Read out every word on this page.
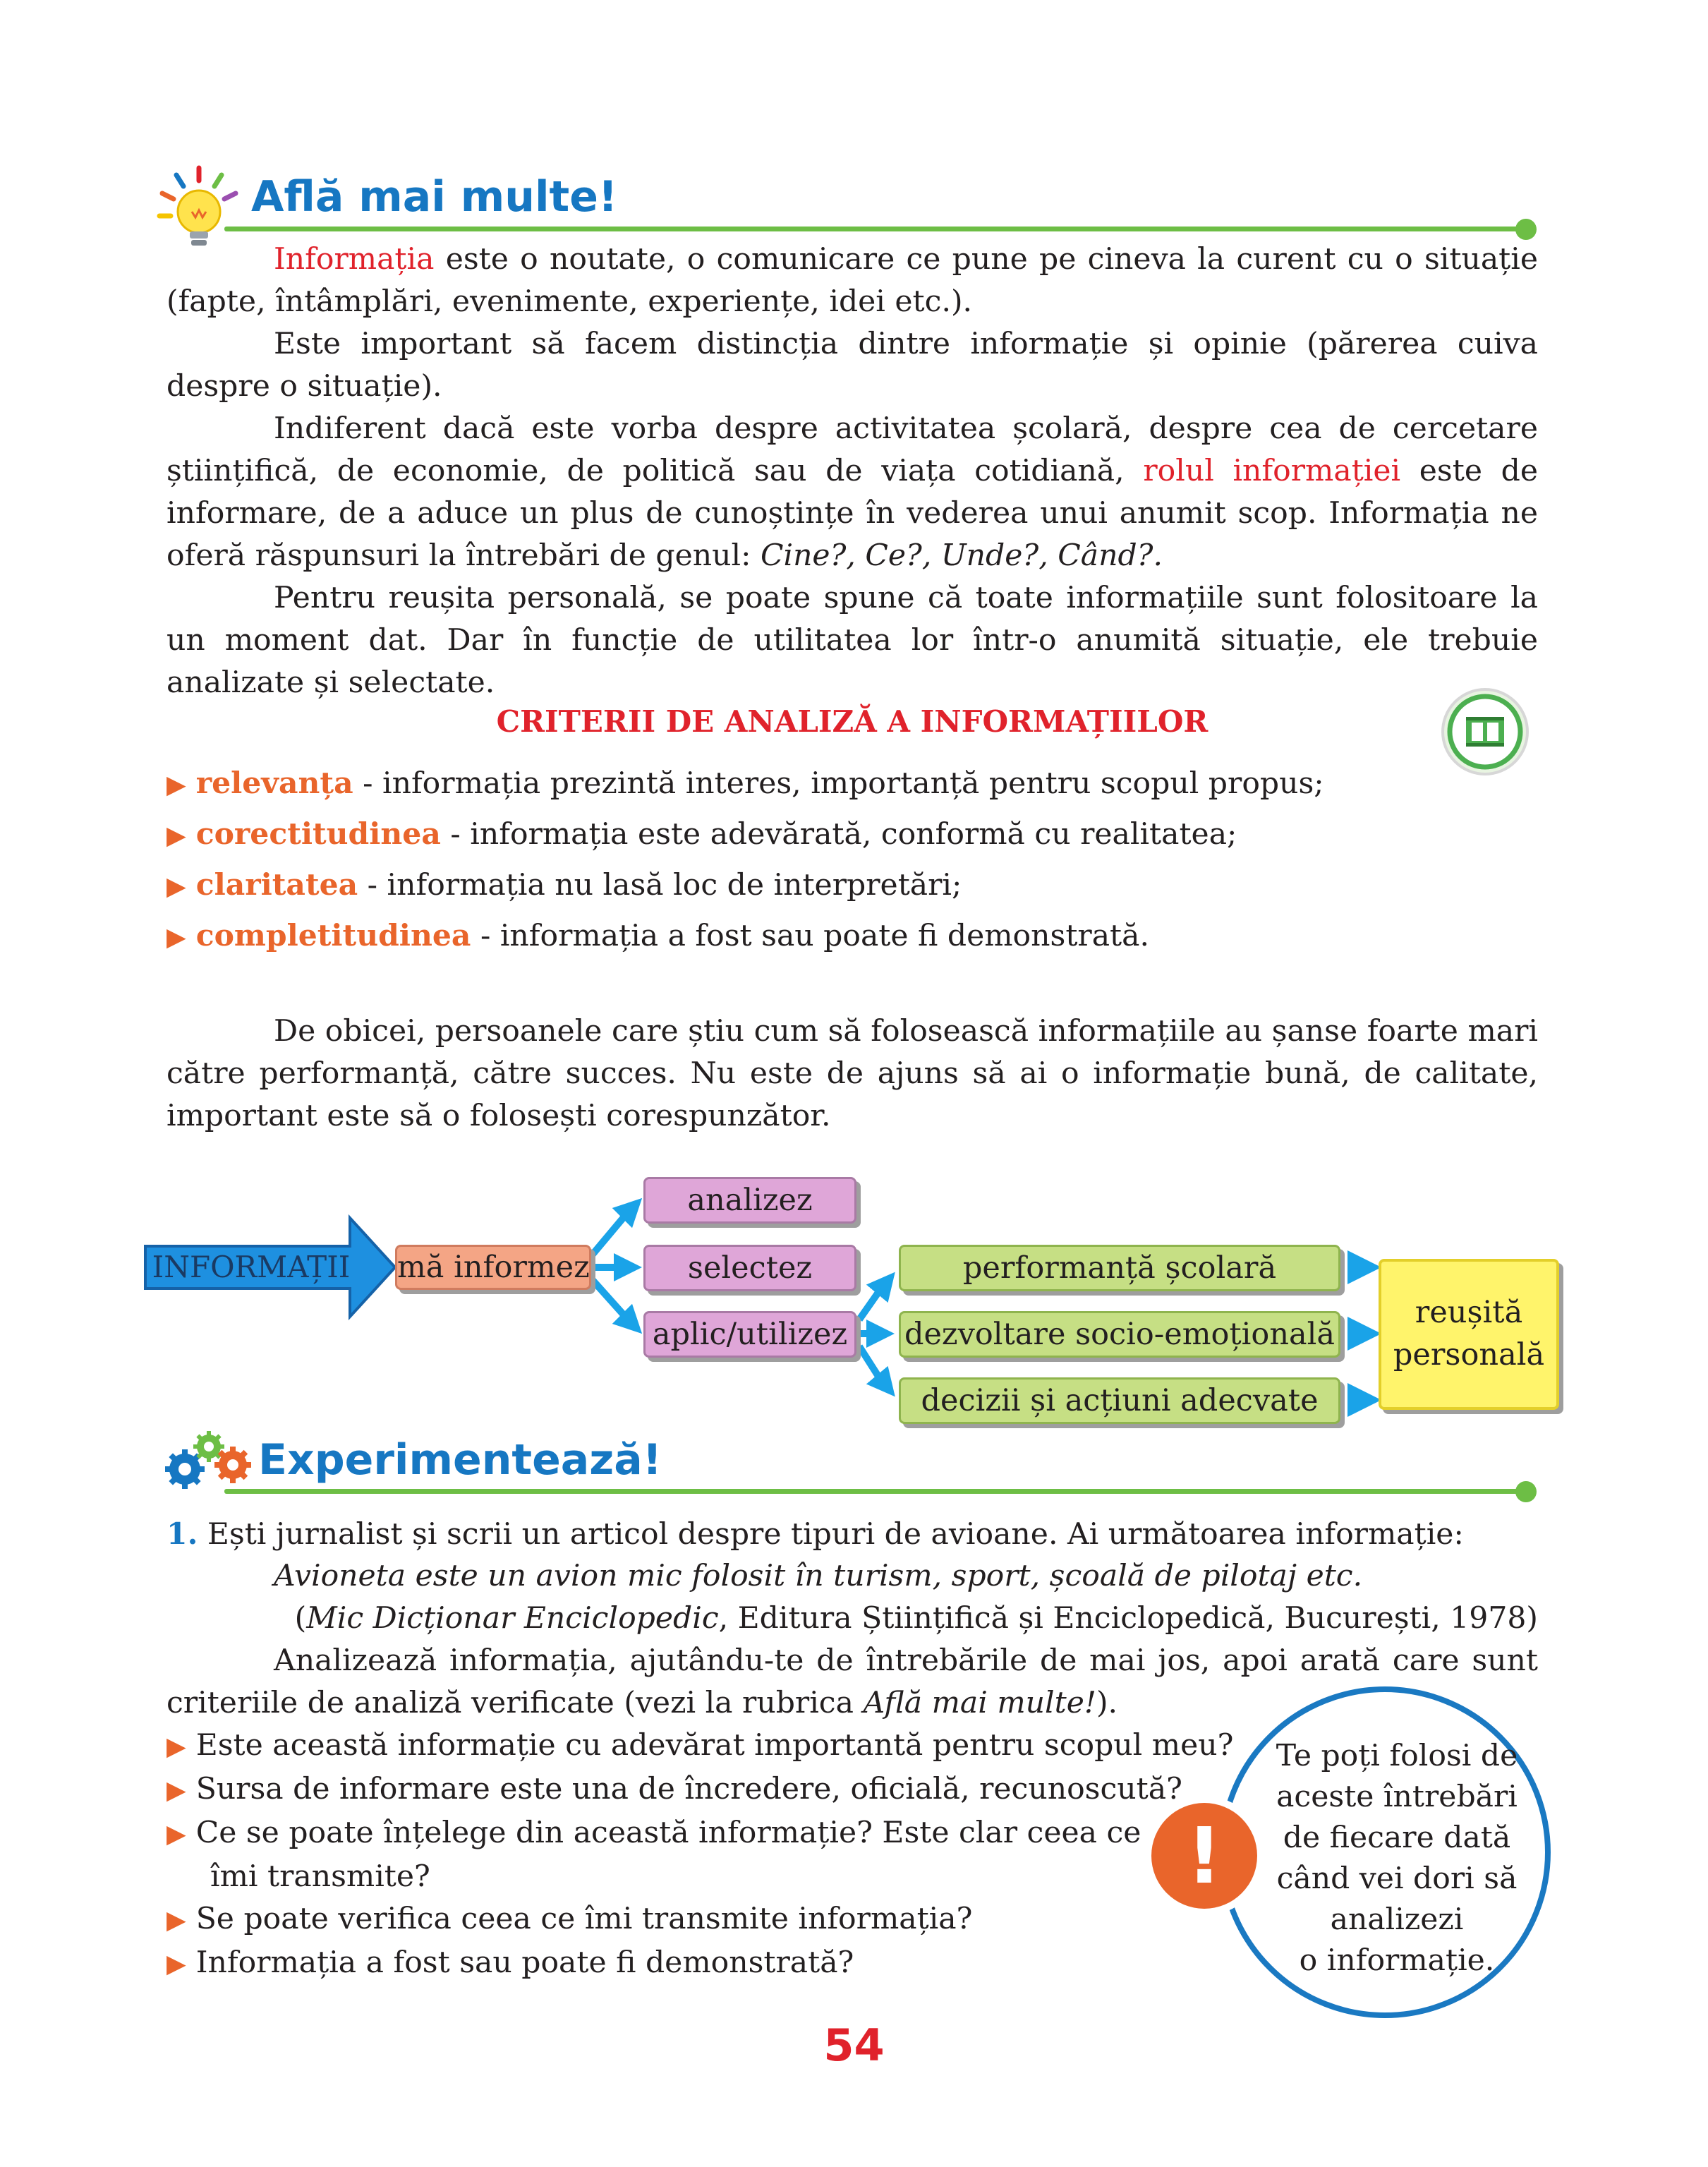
Află mai multe!
Informația este o noutate, o comunicare ce pune pe cineva la curent cu o situație (fapte, întâmplări, evenimente, experiențe, idei etc.).
Este important să facem distincția dintre informație și opinie (părerea cuiva despre o situație).
Indiferent dacă este vorba despre activitatea școlară, despre cea de cercetare științifică, de economie, de politică sau de viața cotidiană, rolul informației este de informare, de a aduce un plus de cunoștințe în vederea unui anumit scop. Informația ne oferă răspunsuri la întrebări de genul: Cine?, Ce?, Unde?, Când?.
Pentru reușita personală, se poate spune că toate informațiile sunt folositoare la un moment dat. Dar în funcție de utilitatea lor într-o anumită situație, ele trebuie analizate și selectate.
CRITERII DE ANALIZĂ A INFORMAȚIILOR
▶ relevanța - informația prezintă interes, importanță pentru scopul propus;
▶ corectitudinea - informația este adevărată, conformă cu realitatea;
▶ claritatea - informația nu lasă loc de interpretări;
▶ completitudinea - informația a fost sau poate fi demonstrată.
De obicei, persoanele care știu cum să folosească informațiile au șanse foarte mari către performanță, către succes. Nu este de ajuns să ai o informație bună, de calitate, important este să o folosești corespunzător.
INFORMAȚII mă informez
analizez
selectez
aplic/utilizez
performanță școlară
dezvoltare socio-emoțională
decizii și acțiuni adecvate
reușită
personală
Experimentează!
1. Ești jurnalist și scrii un articol despre tipuri de avioane. Ai următoarea informație:
Avioneta este un avion mic folosit în turism, sport, școală de pilotaj etc.
(Mic Dicționar Enciclopedic, Editura Științifică și Enciclopedică, București, 1978)
Analizează informația, ajutându-te de întrebările de mai jos, apoi arată care sunt criteriile de analiză verificate (vezi la rubrica Află mai multe!).
Te poți folosi de
aceste întrebări
de fiecare dată
când vei dori să
analizezi
o informație.
▶ Este această informație cu adevărat importantă pentru scopul meu?
▶ Sursa de informare este una de încredere, oficială, recunoscută?
▶ Ce se poate înțelege din această informație? Este clar ceea ce
îmi transmite?
▶ Se poate verifica ceea ce îmi transmite informația?
▶ Informația a fost sau poate fi demonstrată?
!
54
